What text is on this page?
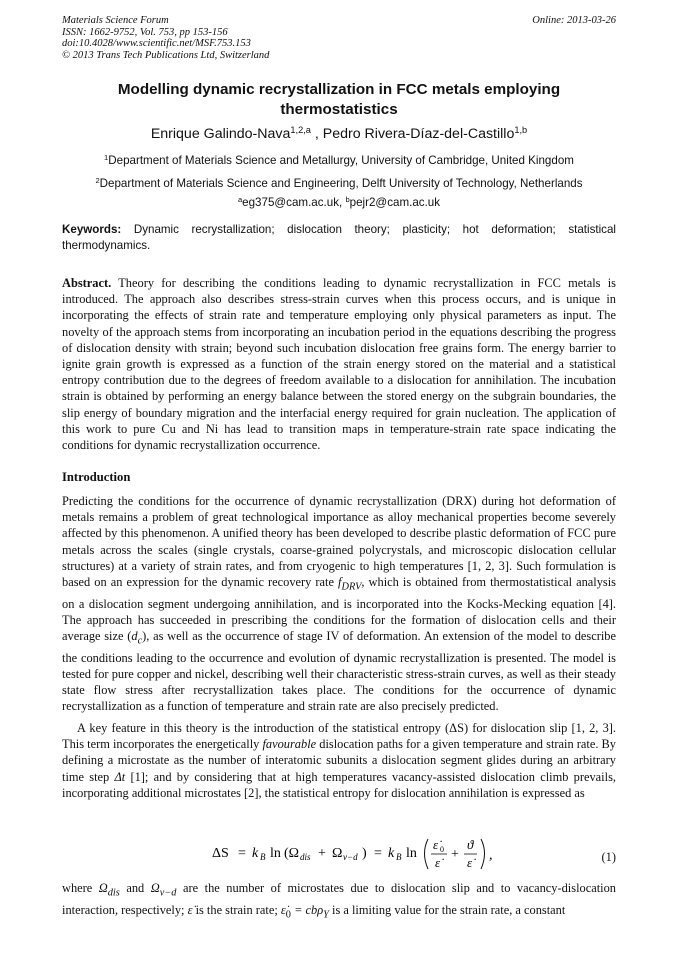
Materials Science Forum
ISSN: 1662-9752, Vol. 753, pp 153-156
doi:10.4028/www.scientific.net/MSF.753.153
© 2013 Trans Tech Publications Ltd, Switzerland
Online: 2013-03-26
Modelling dynamic recrystallization in FCC metals employing thermostatistics
Enrique Galindo-Nava$^{1,2,a}$ , Pedro Rivera-Díaz-del-Castillo$^{1,b}$
$^1$Department of Materials Science and Metallurgy, University of Cambridge, United Kingdom
$^2$Department of Materials Science and Engineering, Delft University of Technology, Netherlands
$^a$eg375@cam.ac.uk, $^b$pejr2@cam.ac.uk
Keywords: Dynamic recrystallization; dislocation theory; plasticity; hot deformation; statistical thermodynamics.
Abstract. Theory for describing the conditions leading to dynamic recrystallization in FCC metals is introduced. The approach also describes stress-strain curves when this process occurs, and is unique in incorporating the effects of strain rate and temperature employing only physical parameters as input. The novelty of the approach stems from incorporating an incubation period in the equations describing the progress of dislocation density with strain; beyond such incubation dislocation free grains form. The energy barrier to ignite grain growth is expressed as a function of the strain energy stored on the material and a statistical entropy contribution due to the degrees of freedom available to a dislocation for annihilation. The incubation strain is obtained by performing an energy balance between the stored energy on the subgrain boundaries, the slip energy of boundary migration and the interfacial energy required for grain nucleation. The application of this work to pure Cu and Ni has lead to transition maps in temperature-strain rate space indicating the conditions for dynamic recrystallization occurrence.
Introduction
Predicting the conditions for the occurrence of dynamic recrystallization (DRX) during hot deformation of metals remains a problem of great technological importance as alloy mechanical properties become severely affected by this phenomenon. A unified theory has been developed to describe plastic deformation of FCC pure metals across the scales (single crystals, coarse-grained polycrystals, and microscopic dislocation cellular structures) at a variety of strain rates, and from cryogenic to high temperatures [1, 2, 3]. Such formulation is based on an expression for the dynamic recovery rate $f_{DRV}$, which is obtained from thermostatistical analysis on a dislocation segment undergoing annihilation, and is incorporated into the Kocks-Mecking equation [4]. The approach has succeeded in prescribing the conditions for the formation of dislocation cells and their average size $(d_c)$, as well as the occurrence of stage IV of deformation. An extension of the model to describe the conditions leading to the occurrence and evolution of dynamic recrystallization is presented. The model is tested for pure copper and nickel, describing well their characteristic stress-strain curves, as well as their steady state flow stress after recrystallization takes place. The conditions for the occurrence of dynamic recrystallization as a function of temperature and strain rate are also precisely predicted.
A key feature in this theory is the introduction of the statistical entropy (ΔS) for dislocation slip [1, 2, 3]. This term incorporates the energetically favourable dislocation paths for a given temperature and strain rate. By defining a microstate as the number of interatomic subunits a dislocation segment glides during an arbitrary time step Δt [1]; and by considering that at high temperatures vacancy-assisted dislocation climb prevails, incorporating additional microstates [2], the statistical entropy for dislocation annihilation is expressed as
ΔS = k B ln (Ω dis + Ω v−d ) = k B ln
ε̇ 0
ε̇
+
ϑ
ε̇ ,	(1)
where $\Omega_{dis}$ and $\Omega_{v-d}$ are the number of microstates due to dislocation slip and to vacancy-dislocation interaction, respectively; ε̇ is the strain rate; $\varepsiloṅ_0 = cb\rho_Y$ is a limiting value for the strain rate, a constant
